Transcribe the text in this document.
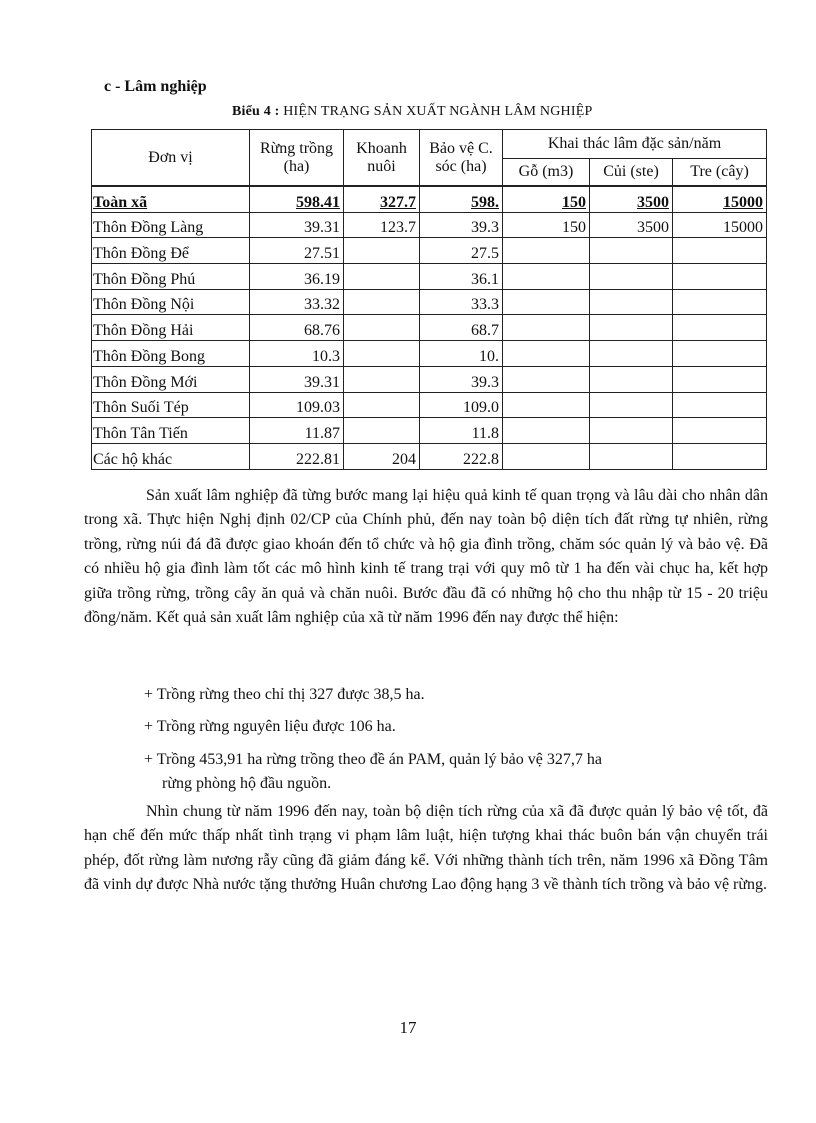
c - Lâm nghiệp
Biểu 4 : HIỆN TRẠNG SẢN XUẤT NGÀNH LÂM NGHIỆP
Đơn vị	Rừng trồng (ha)	Khoanh nuôi	Bảo vệ C. sóc (ha)	Khai thác lâm đặc sản/năm		
				Gỗ (m3)	Củi (ste)	Tre (cây)
Toàn xã	598.41	327.7	598.	150	3500	15000
Thôn Đồng Làng	39.31	123.7	39.3	150	3500	15000
Thôn Đồng Để	27.51		27.5			
Thôn Đồng Phú	36.19		36.1			
Thôn Đồng Nội	33.32		33.3			
Thôn Đồng Hải	68.76		68.7			
Thôn Đồng Bong	10.3		10.			
Thôn Đồng Mới	39.31		39.3			
Thôn Suối Tép	109.03		109.0			
Thôn Tân Tiến	11.87		11.8			
Các hộ khác	222.81	204	222.8			
Sản xuất lâm nghiệp đã từng bước mang lại hiệu quả kinh tế quan trọng và lâu dài cho nhân dân trong xã. Thực hiện Nghị định 02/CP của Chính phủ, đến nay toàn bộ diện tích đất rừng tự nhiên, rừng trồng, rừng núi đá đã được giao khoán đến tổ chức và hộ gia đình trồng, chăm sóc quản lý và bảo vệ. Đã có nhiều hộ gia đình làm tốt các mô hình kinh tế trang trại với quy mô từ 1 ha đến vài chục ha, kết hợp giữa trồng rừng, trồng cây ăn quả và chăn nuôi. Bước đầu đã có những hộ cho thu nhập từ 15 - 20 triệu đồng/năm. Kết quả sản xuất lâm nghiệp của xã từ năm 1996 đến nay được thể hiện:
+ Trồng rừng theo chỉ thị 327 được 38,5 ha.
+ Trồng rừng nguyên liệu được 106 ha.
+ Trồng 453,91 ha rừng trồng theo đề án PAM, quản lý bảo vệ 327,7 ha
rừng phòng hộ đầu nguồn.
Nhìn chung từ năm 1996 đến nay, toàn bộ diện tích rừng của xã đã được quản lý bảo vệ tốt, đã hạn chế đến mức thấp nhất tình trạng vi phạm lâm luật, hiện tượng khai thác buôn bán vận chuyển trái phép, đốt rừng làm nương rẫy cũng đã giảm đáng kể. Với những thành tích trên, năm 1996 xã Đồng Tâm đã vinh dự được Nhà nước tặng thưởng Huân chương Lao động hạng 3 về thành tích trồng và bảo vệ rừng.
17
